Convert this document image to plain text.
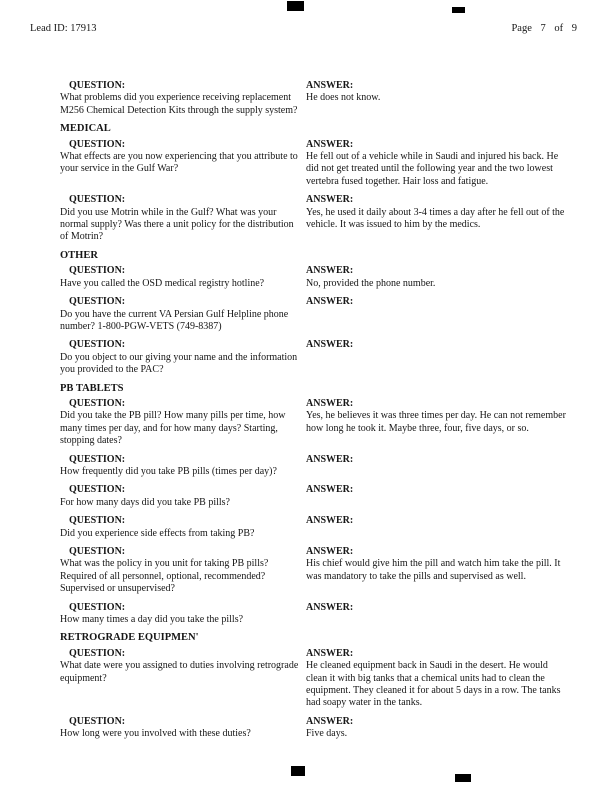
Lead ID: 17913	Page 7 of 9
QUESTION:
What problems did you experience receiving replacement M256 Chemical Detection Kits through the supply system?
ANSWER:
He does not know.
MEDICAL
QUESTION:
What effects are you now experiencing that you attribute to your service in the Gulf War?
ANSWER:
He fell out of a vehicle while in Saudi and injured his back. He did not get treated until the following year and the two lowest vertebra fused together. Hair loss and fatigue.
QUESTION:
Did you use Motrin while in the Gulf? What was your normal supply? Was there a unit policy for the distribution of Motrin?
ANSWER:
Yes, he used it daily about 3-4 times a day after he fell out of the vehicle. It was issued to him by the medics.
OTHER
QUESTION:
Have you called the OSD medical registry hotline?
ANSWER:
No, provided the phone number.
QUESTION:
Do you have the current VA Persian Gulf Helpline phone number? 1-800-PGW-VETS (749-8387)
ANSWER:
QUESTION:
Do you object to our giving your name and the information you provided to the PAC?
ANSWER:
PB TABLETS
QUESTION:
Did you take the PB pill? How many pills per time, how many times per day, and for how many days? Starting, stopping dates?
ANSWER:
Yes, he believes it was three times per day. He can not remember how long he took it. Maybe three, four, five days, or so.
QUESTION:
How frequently did you take PB pills (times per day)?
ANSWER:
QUESTION:
For how many days did you take PB pills?
ANSWER:
QUESTION:
Did you experience side effects from taking PB?
ANSWER:
QUESTION:
What was the policy in you unit for taking PB pills? Required of all personnel, optional, recommended? Supervised or unsupervised?
ANSWER:
His chief would give him the pill and watch him take the pill. It was mandatory to take the pills and supervised as well.
QUESTION:
How many times a day did you take the pills?
ANSWER:
RETROGRADE EQUIPMEN'
QUESTION:
What date were you assigned to duties involving retrograde equipment?
ANSWER:
He cleaned equipment back in Saudi in the desert. He would clean it with big tanks that a chemical units had to clean the equipment. They cleaned it for about 5 days in a row. The tanks had soapy water in the tanks.
QUESTION:
How long were you involved with these duties?
ANSWER:
Five days.
